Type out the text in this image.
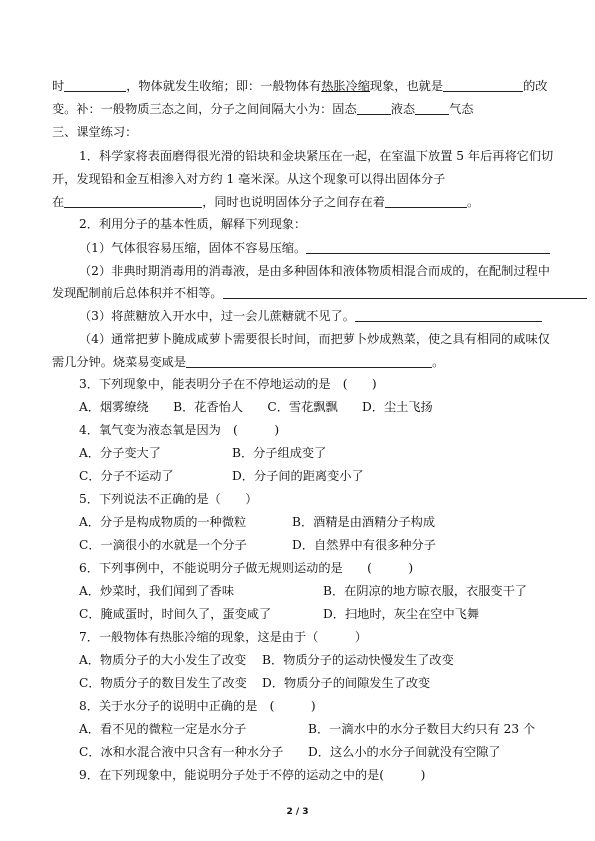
时	，物体就发生收缩；即：一般物体有热胀冷缩现象，也就是	的改
变。补：一般物质三态之间，分子之间间隔大小为：固态	液态	气态
三、课堂练习：
1．科学家将表面磨得很光滑的铅块和金块紧压在一起，在室温下放置 5 年后再将它们切
开，发现铅和金互相渗入对方约 1 毫米深。从这个现象可以得出固体分子
在	，同时也说明固体分子之间存在着	。
2．利用分子的基本性质，解释下列现象：
（1）气体很容易压缩，固体不容易压缩。
（2）非典时期消毒用的消毒液，是由多种固体和液体物质相混合而成的，在配制过程中
发现配制前后总体积并不相等。
（3）将蔗糖放入开水中，过一会儿蔗糖就不见了。
（4）通常把萝卜腌成咸萝卜需要很长时间，而把萝卜炒成熟菜，使之具有相同的咸味仅
需几分钟。烧菜易变咸是	。
3．下列现象中，能表明分子在不停地运动的是　(　　)
A．烟雾缭绕　　B．花香怡人　　C．雪花飘飘　　D．尘土飞扬
4．氧气变为液态氧是因为　(　　　)
A．分子变大了	B．分子组成变了
C．分子不运动了	D．分子间的距离变小了
5．下列说法不正确的是（　　）
A．分子是构成物质的一种微粒	B．酒精是由酒精分子构成
C．一滴很小的水就是一个分子	D．自然界中有很多种分子
6．下列事例中，不能说明分子做无规则运动的是　　(　　　)
A．炒菜时，我们闻到了香味	B．在阴凉的地方晾衣服，衣服变干了
C．腌咸蛋时，时间久了，蛋变咸了	D．扫地时，灰尘在空中飞舞
7．一般物体有热胀冷缩的现象，这是由于（　　　）
A．物质分子的大小发生了改变 B．物质分子的运动快慢发生了改变
C．物质分子的数目发生了改变 D．物质分子的间隙发生了改变
8．关于水分子的说明中正确的是　(　　　)
A．看不见的微粒一定是水分子	B．一滴水中的水分子数目大约只有 23 个
C．冰和水混合液中只含有一种水分子 D．这么小的水分子间就没有空隙了
9．在下列现象中，能说明分子处于不停的运动之中的是(　　　)
2 / 3
